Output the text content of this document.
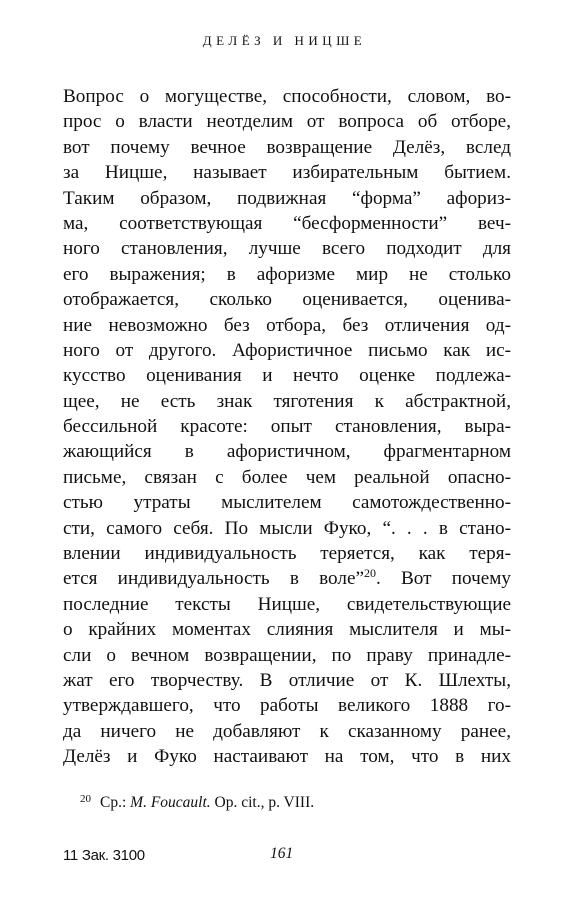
ДЕЛЁЗ И НИЦШЕ
Вопрос о могуществе, способности, словом, во-
прос о власти неотделим от вопроса об отборе,
вот почему вечное возвращение Делёз, вслед
за Ницше, называет избирательным бытием.
Таким образом, подвижная “форма” афориз-
ма, соответствующая “бесформенности” веч-
ного становления, лучше всего подходит для
его выражения; в афоризме мир не столько
отображается, сколько оценивается, оценива-
ние невозможно без отбора, без отличения од-
ного от другого. Афористичное письмо как ис-
кусство оценивания и нечто оценке подлежа-
щее, не есть знак тяготения к абстрактной,
бессильной красоте: опыт становления, выра-
жающийся в афористичном, фрагментарном
письме, связан с более чем реальной опасно-
стью утраты мыслителем самотождественно-
сти, самого себя. По мысли Фуко, “. . . в стано-
влении индивидуальность теряется, как теря-
ется индивидуальность в воле”$^{20}$. Вот почему
последние тексты Ницше, свидетельствующие
о крайних моментах слияния мыслителя и мы-
сли о вечном возвращении, по праву принадле-
жат его творчеству. В отличие от К. Шлехты,
утверждавшего, что работы великого 1888 го-
да ничего не добавляют к сказанному ранее,
Делёз и Фуко настаивают на том, что в них
$^{20}$ Ср.: M. Foucault. Op. cit., p. VIII.
11 Зак. 3100	161
